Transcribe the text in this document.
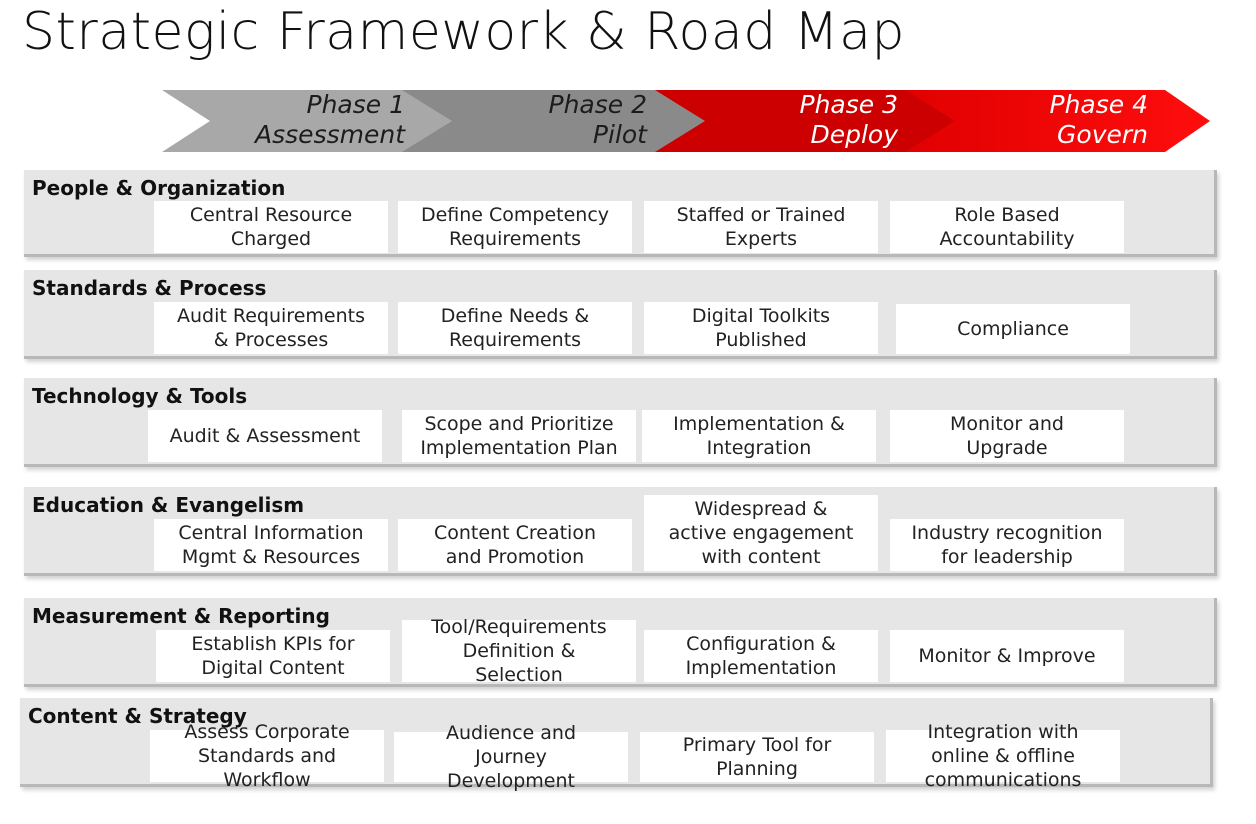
Strategic Framework & Road Map
Phase 1
Assessment
Phase 2
Pilot
Phase 3
Deploy
Phase 4
Govern
People & Organization
Central Resource
Charged
Define Competency
Requirements
Staffed or Trained
Experts
Role Based
Accountability
Standards & Process
Audit Requirements
& Processes
Define Needs &
Requirements
Digital Toolkits
Published	Compliance
Technology & Tools
Audit & Assessment
Scope and Prioritize
Implementation Plan
Implementation &
Integration
Monitor and
Upgrade
Education & Evangelism
Central Information
Mgmt & Resources
Content Creation
and Promotion
Widespread &
active engagement
with content
Industry recognition
for leadership
Measurement & Reporting
Establish KPIs for
Digital Content
Tool/Requirements
Definition &
Selection
Configuration &
Implementation
Monitor & Improve
Content & Strategy
Assess Corporate
Standards and
Workflow
Audience and
Journey
Development
Primary Tool for
Planning
Integration with
online & offline
communications
